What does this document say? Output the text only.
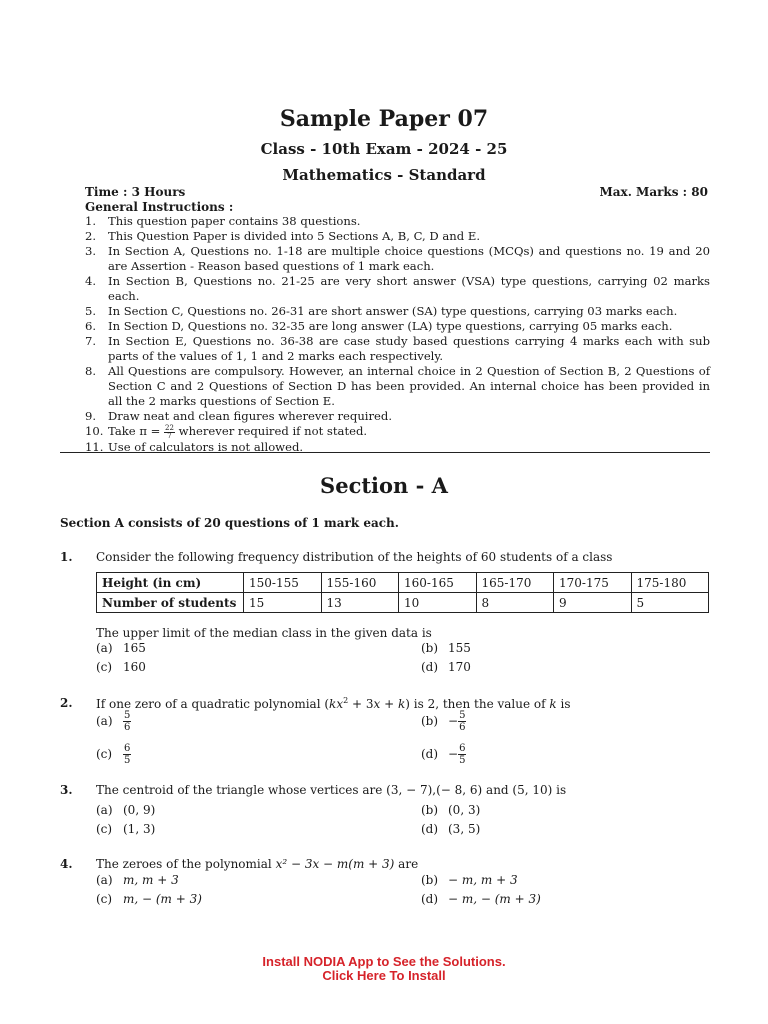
Sample Paper 07
Class - 10th Exam - 2024 - 25
Mathematics - Standard
Time : 3 Hours	Max. Marks : 80
General Instructions :
1. This question paper contains 38 questions.
2. This Question Paper is divided into 5 Sections A, B, C, D and E.
3. In Section A, Questions no. 1-18 are multiple choice questions (MCQs) and questions no. 19 and 20 are Assertion - Reason based questions of 1 mark each.
4. In Section B, Questions no. 21-25 are very short answer (VSA) type questions, carrying 02 marks each.
5. In Section C, Questions no. 26-31 are short answer (SA) type questions, carrying 03 marks each.
6. In Section D, Questions no. 32-35 are long answer (LA) type questions, carrying 05 marks each.
7. In Section E, Questions no. 36-38 are case study based questions carrying 4 marks each with sub parts of the values of 1, 1 and 2 marks each respectively.
8. All Questions are compulsory. However, an internal choice in 2 Question of Section B, 2 Questions of Section C and 2 Questions of Section D has been provided. An internal choice has been provided in all the 2 marks questions of Section E.
9. Draw neat and clean figures wherever required.
10. Take $\pi = \frac{22}{7}$ wherever required if not stated.
11. Use of calculators is not allowed.
Section - A
Section A consists of 20 questions of 1 mark each.
1. Consider the following frequency distribution of the heights of 60 students of a class
Height (in cm)	150-155	155-160	160-165	165-170	170-175	175-180
Number of students	15	13	10	8	9	5
The upper limit of the median class in the given data is
(a) 165	(b) 155
(c) 160	(d) 170
2. If one zero of a quadratic polynomial $(kx^2 + 3x + k)$ is 2, then the value of k is
$(a) \frac{5}{6}$	$(b) - \frac{5}{6}$
$(c) \frac{6}{5}$	$(d) - \frac{6}{5}$
3. The centroid of the triangle whose vertices are (3, − 7),(− 8, 6) and (5, 10) is
(a) (0, 9)	(b) (0, 3)
(c) (1, 3)	(d) (3, 5)
4. The zeroes of the polynomial x² − 3x − m(m + 3) are
(a) m, m + 3	(b) − m, m + 3
(c) m, − (m + 3)	(d) − m, − (m + 3)
Install NODIA App to See the Solutions.
Click Here To Install
